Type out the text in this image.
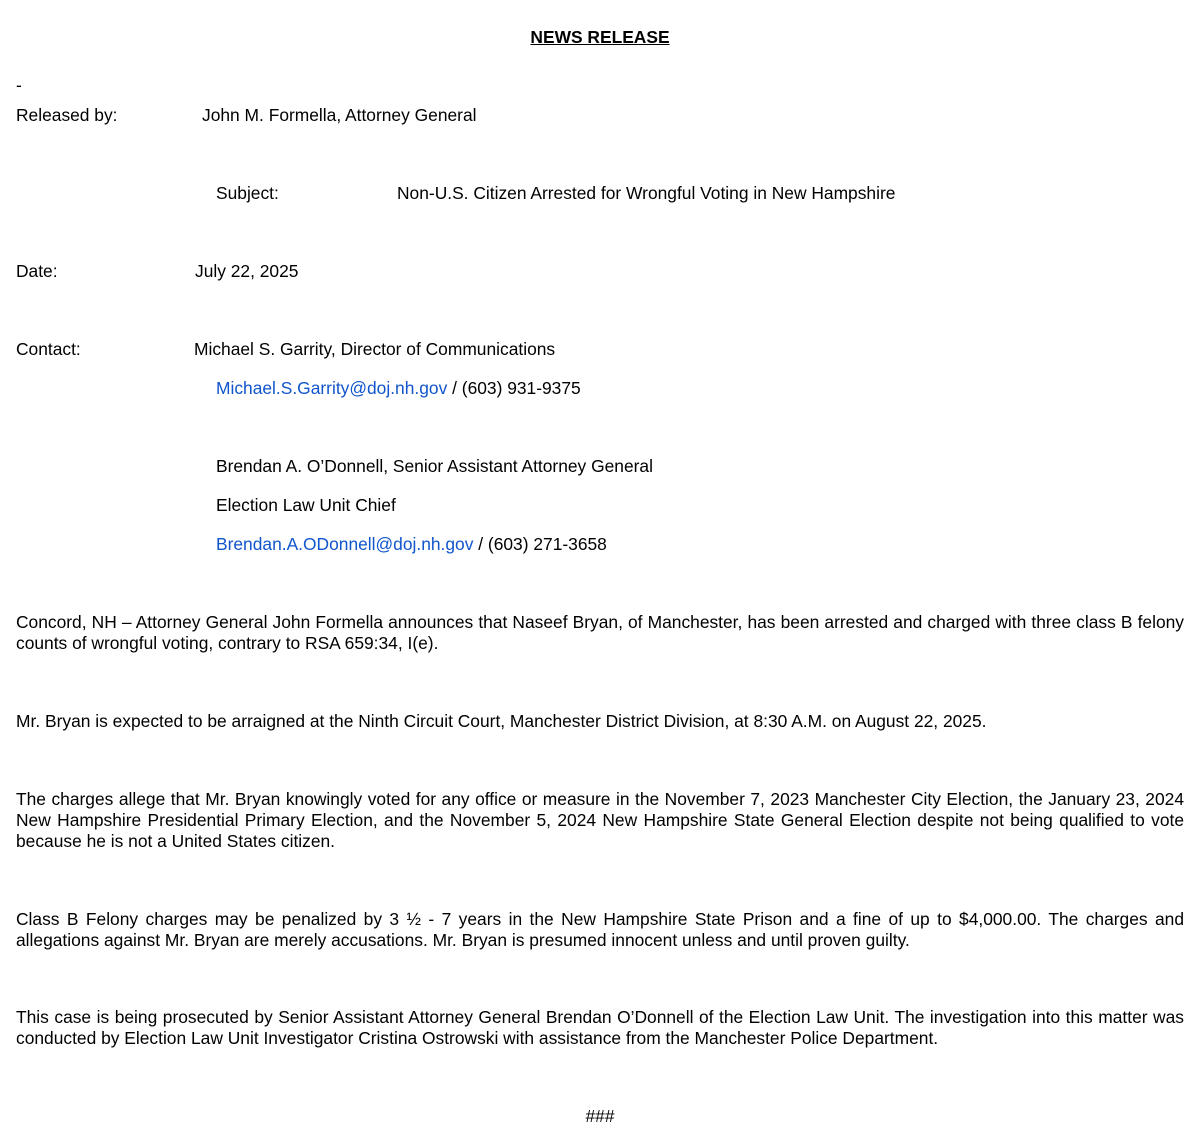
NEWS RELEASE
-
Released by:	John M. Formella, Attorney General
Subject:	Non-U.S. Citizen Arrested for Wrongful Voting in New Hampshire
Date:	July 22, 2025
Contact:	Michael S. Garrity, Director of Communications
Michael.S.Garrity@doj.nh.gov / (603) 931-9375
Brendan A. O’Donnell, Senior Assistant Attorney General
Election Law Unit Chief
Brendan.A.ODonnell@doj.nh.gov / (603) 271-3658
Concord, NH – Attorney General John Formella announces that Naseef Bryan, of Manchester, has been arrested and charged with three class B felony counts of wrongful voting, contrary to RSA 659:34, I(e).
Mr. Bryan is expected to be arraigned at the Ninth Circuit Court, Manchester District Division, at 8:30 A.M. on August 22, 2025.
The charges allege that Mr. Bryan knowingly voted for any office or measure in the November 7, 2023 Manchester City Election, the January 23, 2024 New Hampshire Presidential Primary Election, and the November 5, 2024 New Hampshire State General Election despite not being qualified to vote because he is not a United States citizen.
Class B Felony charges may be penalized by 3 ½ - 7 years in the New Hampshire State Prison and a fine of up to $4,000.00. The charges and allegations against Mr. Bryan are merely accusations. Mr. Bryan is presumed innocent unless and until proven guilty.
This case is being prosecuted by Senior Assistant Attorney General Brendan O’Donnell of the Election Law Unit. The investigation into this matter was conducted by Election Law Unit Investigator Cristina Ostrowski with assistance from the Manchester Police Department.
###
